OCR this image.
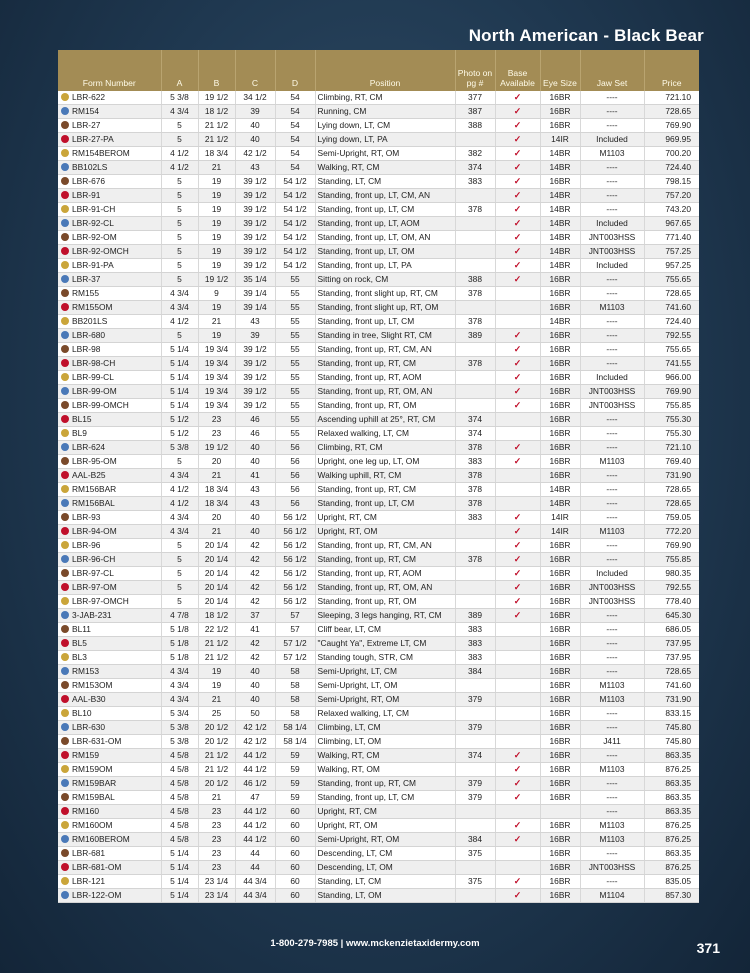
North American - Black Bear
Form Number	A	B	C	D	Position	Photo on pg #	Base Available	Eye Size	Jaw Set	Price
LBR-622	5 3/8	19 1/2	34 1/2	54	Climbing, RT, CM	377	✓	16BR	----	721.10
RM154	4 3/4	18 1/2	39	54	Running, CM	387	✓	16BR	----	728.65
LBR-27	5	21 1/2	40	54	Lying down, LT, CM	388	✓	16BR	----	769.90
LBR-27-PA	5	21 1/2	40	54	Lying down, LT, PA		✓	14IR	Included	969.95
RM154BEROM	4 1/2	18 3/4	42 1/2	54	Semi-Upright, RT, OM	382	✓	14BR	M1103	700.20
BB102LS	4 1/2	21	43	54	Walking, RT, CM	374	✓	14BR	----	724.40
LBR-676	5	19	39 1/2	54 1/2	Standing, LT, CM	383	✓	16BR	----	798.15
LBR-91	5	19	39 1/2	54 1/2	Standing, front up, LT, CM, AN		✓	14BR	----	757.20
LBR-91-CH	5	19	39 1/2	54 1/2	Standing, front up, LT, CM	378	✓	14BR	----	743.20
LBR-92-CL	5	19	39 1/2	54 1/2	Standing, front up, LT, AOM		✓	14BR	Included	967.65
LBR-92-OM	5	19	39 1/2	54 1/2	Standing, front up, LT, OM, AN		✓	14BR	JNT003HSS	771.40
LBR-92-OMCH	5	19	39 1/2	54 1/2	Standing, front up, LT, OM		✓	14BR	JNT003HSS	757.25
LBR-91-PA	5	19	39 1/2	54 1/2	Standing, front up, LT, PA		✓	14BR	Included	957.25
LBR-37	5	19 1/2	35 1/4	55	Sitting on rock, CM	388	✓	16BR	----	755.65
RM155	4 3/4	9	39 1/4	55	Standing, front slight up, RT, CM	378		16BR	----	728.65
RM155OM	4 3/4	19	39 1/4	55	Standing, front slight up, RT, OM			16BR	M1103	741.60
BB201LS	4 1/2	21	43	55	Standing, front up, LT, CM	378		14BR	----	724.40
LBR-680	5	19	39	55	Standing in tree, Slight RT, CM	389	✓	16BR	----	792.55
LBR-98	5 1/4	19 3/4	39 1/2	55	Standing, front up, RT, CM, AN		✓	16BR	----	755.65
LBR-98-CH	5 1/4	19 3/4	39 1/2	55	Standing, front up, RT, CM	378	✓	16BR	----	741.55
LBR-99-CL	5 1/4	19 3/4	39 1/2	55	Standing, front up, RT, AOM		✓	16BR	Included	966.00
LBR-99-OM	5 1/4	19 3/4	39 1/2	55	Standing, front up, RT, OM, AN		✓	16BR	JNT003HSS	769.90
LBR-99-OMCH	5 1/4	19 3/4	39 1/2	55	Standing, front up, RT, OM		✓	16BR	JNT003HSS	755.85
BL15	5 1/2	23	46	55	Ascending uphill at 25°, RT, CM	374		16BR	----	755.30
BL9	5 1/2	23	46	55	Relaxed walking, LT, CM	374		16BR	----	755.30
LBR-624	5 3/8	19 1/2	40	56	Climbing, RT, CM	378	✓	16BR	----	721.10
LBR-95-OM	5	20	40	56	Upright, one leg up, LT, OM	383	✓	16BR	M1103	769.40
AAL-B25	4 3/4	21	41	56	Walking uphill, RT, CM	378		16BR	----	731.90
RM156BAR	4 1/2	18 3/4	43	56	Standing, front up, RT, CM	378		14BR	----	728.65
RM156BAL	4 1/2	18 3/4	43	56	Standing, front up, LT, CM	378		14BR	----	728.65
LBR-93	4 3/4	20	40	56 1/2	Upright, RT, CM	383	✓	14IR	----	759.05
LBR-94-OM	4 3/4	21	40	56 1/2	Upright, RT, OM		✓	14IR	M1103	772.20
LBR-96	5	20 1/4	42	56 1/2	Standing, front up, RT, CM, AN		✓	16BR	----	769.90
LBR-96-CH	5	20 1/4	42	56 1/2	Standing, front up, RT, CM	378	✓	16BR	----	755.85
LBR-97-CL	5	20 1/4	42	56 1/2	Standing, front up, RT, AOM		✓	16BR	Included	980.35
LBR-97-OM	5	20 1/4	42	56 1/2	Standing, front up, RT, OM, AN		✓	16BR	JNT003HSS	792.55
LBR-97-OMCH	5	20 1/4	42	56 1/2	Standing, front up, RT, OM		✓	16BR	JNT003HSS	778.40
3-JAB-231	4 7/8	18 1/2	37	57	Sleeping, 3 legs hanging, RT, CM	389	✓	16BR	----	645.30
BL11	5 1/8	22 1/2	41	57	Cliff bear, LT, CM	383		16BR	----	686.05
BL5	5 1/8	21 1/2	42	57 1/2	"Caught Ya", Extreme LT, CM	383		16BR	----	737.95
BL3	5 1/8	21 1/2	42	57 1/2	Standing tough, STR, CM	383		16BR	----	737.95
RM153	4 3/4	19	40	58	Semi-Upright, LT, CM	384		16BR	----	728.65
RM153OM	4 3/4	19	40	58	Semi-Upright, LT, OM			16BR	M1103	741.60
AAL-B30	4 3/4	21	40	58	Semi-Upright, RT, OM	379		16BR	M1103	731.90
BL10	5 3/4	25	50	58	Relaxed walking, LT, CM			16BR	----	833.15
LBR-630	5 3/8	20 1/2	42 1/2	58 1/4	Climbing, LT, CM	379		16BR	----	745.80
LBR-631-OM	5 3/8	20 1/2	42 1/2	58 1/4	Climbing, LT, OM			16BR	J411	745.80
RM159	4 5/8	21 1/2	44 1/2	59	Walking, RT, CM	374	✓	16BR	----	863.35
RM159OM	4 5/8	21 1/2	44 1/2	59	Walking, RT, OM		✓	16BR	M1103	876.25
RM159BAR	4 5/8	20 1/2	46 1/2	59	Standing, front up, RT, CM	379	✓	16BR	----	863.35
RM159BAL	4 5/8	21	47	59	Standing, front up, LT, CM	379	✓	16BR	----	863.35
RM160	4 5/8	23	44 1/2	60	Upright, RT, CM				----	863.35
RM160OM	4 5/8	23	44 1/2	60	Upright, RT, OM		✓	16BR	M1103	876.25
RM160BEROM	4 5/8	23	44 1/2	60	Semi-Upright, RT, OM	384	✓	16BR	M1103	876.25
LBR-681	5 1/4	23	44	60	Descending, LT, CM	375		16BR	----	863.35
LBR-681-OM	5 1/4	23	44	60	Descending, LT, OM			16BR	JNT003HSS	876.25
LBR-121	5 1/4	23 1/4	44 3/4	60	Standing, LT, CM	375	✓	16BR	----	835.05
LBR-122-OM	5 1/4	23 1/4	44 3/4	60	Standing, LT, OM		✓	16BR	M1104	857.30
1-800-279-7985 | www.mckenzietaxidermy.com	371
